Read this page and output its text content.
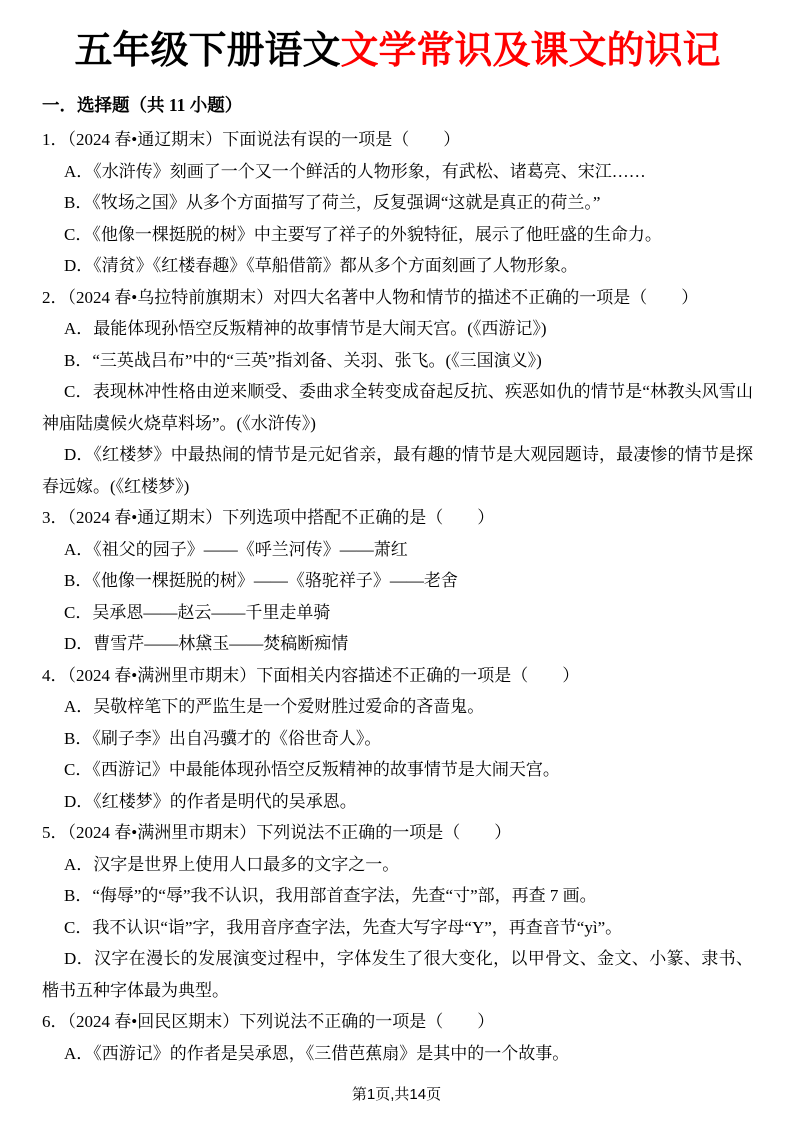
五年级下册语文文学常识及课文的识记
一．选择题（共 11 小题）

1．（2024 春•通辽期末）下面说法有误的一项是（　　）

A．《水浒传》刻画了一个又一个鲜活的人物形象，有武松、诸葛亮、宋江……

B．《牧场之国》从多个方面描写了荷兰，反复强调“这就是真正的荷兰。”

C．《他像一棵挺脱的树》中主要写了祥子的外貌特征，展示了他旺盛的生命力。

D．《清贫》《红楼春趣》《草船借箭》都从多个方面刻画了人物形象。

2．（2024 春•乌拉特前旗期末）对四大名著中人物和情节的描述不正确的一项是（　　）

A．最能体现孙悟空反叛精神的故事情节是大闹天宫。(《西游记》)

B．“三英战吕布”中的“三英”指刘备、关羽、张飞。(《三国演义》)

C．表现林冲性格由逆来顺受、委曲求全转变成奋起反抗、疾恶如仇的情节是“林教头风雪山神庙陆虞候火烧草料场”。(《水浒传》)

D．《红楼梦》中最热闹的情节是元妃省亲，最有趣的情节是大观园题诗，最凄惨的情节是探春远嫁。(《红楼梦》)

3．（2024 春•通辽期末）下列选项中搭配不正确的是（　　）

A．《祖父的园子》——《呼兰河传》——萧红

B．《他像一棵挺脱的树》——《骆驼祥子》——老舍

C．吴承恩——赵云——千里走单骑

D．曹雪芹——林黛玉——焚稿断痴情

4．（2024 春•满洲里市期末）下面相关内容描述不正确的一项是（　　）

A．吴敬梓笔下的严监生是一个爱财胜过爱命的吝啬鬼。

B．《刷子李》出自冯骥才的《俗世奇人》。

C．《西游记》中最能体现孙悟空反叛精神的故事情节是大闹天宫。

D．《红楼梦》的作者是明代的吴承恩。

5．（2024 春•满洲里市期末）下列说法不正确的一项是（　　）

A．汉字是世界上使用人口最多的文字之一。

B．“侮辱”的“辱”我不认识，我用部首查字法，先查“寸”部，再查 7 画。

C．我不认识“诣”字，我用音序查字法，先查大写字母“Y”，再查音节“yì”。

D．汉字在漫长的发展演变过程中，字体发生了很大变化，以甲骨文、金文、小篆、隶书、楷书五种字体最为典型。

6．（2024 春•回民区期末）下列说法不正确的一项是（　　）

A．《西游记》的作者是吴承恩，《三借芭蕉扇》是其中的一个故事。

第1页,共14页
